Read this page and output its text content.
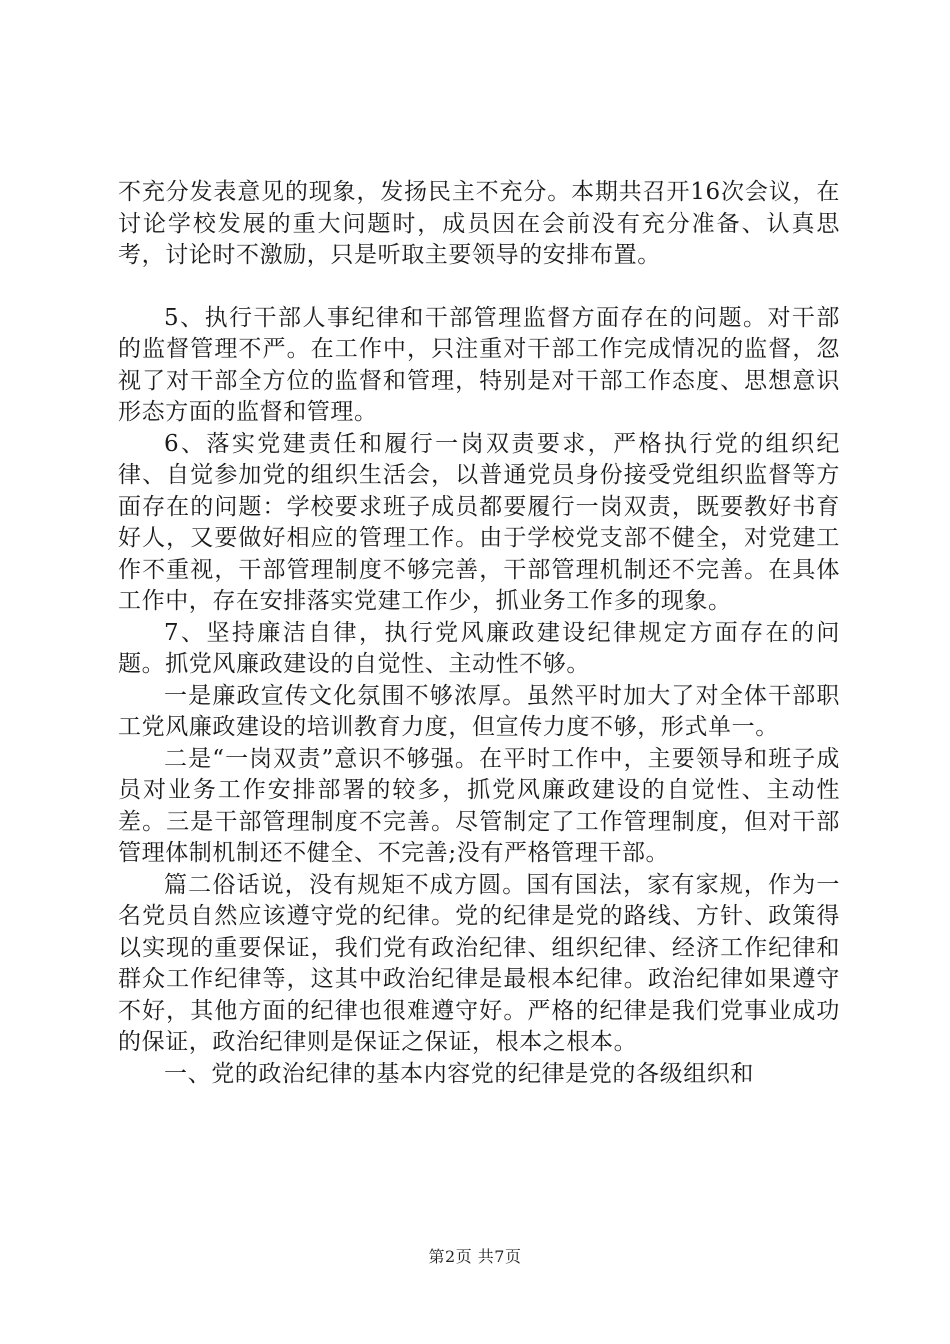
不充分发表意见的现象，发扬民主不充分。本期共召开16次会议，在讨论学校发展的重大问题时，成员因在会前没有充分准备、认真思考，讨论时不激励，只是听取主要领导的安排布置。

5、执行干部人事纪律和干部管理监督方面存在的问题。对干部的监督管理不严。在工作中，只注重对干部工作完成情况的监督，忽视了对干部全方位的监督和管理，特别是对干部工作态度、思想意识形态方面的监督和管理。

6、落实党建责任和履行一岗双责要求，严格执行党的组织纪律、自觉参加党的组织生活会，以普通党员身份接受党组织监督等方面存在的问题：学校要求班子成员都要履行一岗双责，既要教好书育好人，又要做好相应的管理工作。由于学校党支部不健全，对党建工作不重视，干部管理制度不够完善，干部管理机制还不完善。在具体工作中，存在安排落实党建工作少，抓业务工作多的现象。

7、坚持廉洁自律，执行党风廉政建设纪律规定方面存在的问题。抓党风廉政建设的自觉性、主动性不够。

一是廉政宣传文化氛围不够浓厚。虽然平时加大了对全体干部职工党风廉政建设的培训教育力度，但宣传力度不够，形式单一。

二是“一岗双责”意识不够强。在平时工作中，主要领导和班子成员对业务工作安排部署的较多，抓党风廉政建设的自觉性、主动性差。三是干部管理制度不完善。尽管制定了工作管理制度，但对干部管理体制机制还不健全、不完善;没有严格管理干部。

篇二俗话说，没有规矩不成方圆。国有国法，家有家规，作为一名党员自然应该遵守党的纪律。党的纪律是党的路线、方针、政策得以实现的重要保证，我们党有政治纪律、组织纪律、经济工作纪律和群众工作纪律等，这其中政治纪律是最根本纪律。政治纪律如果遵守不好，其他方面的纪律也很难遵守好。严格的纪律是我们党事业成功的保证，政治纪律则是保证之保证，根本之根本。

一、党的政治纪律的基本内容党的纪律是党的各级组织和

第2页 共7页
